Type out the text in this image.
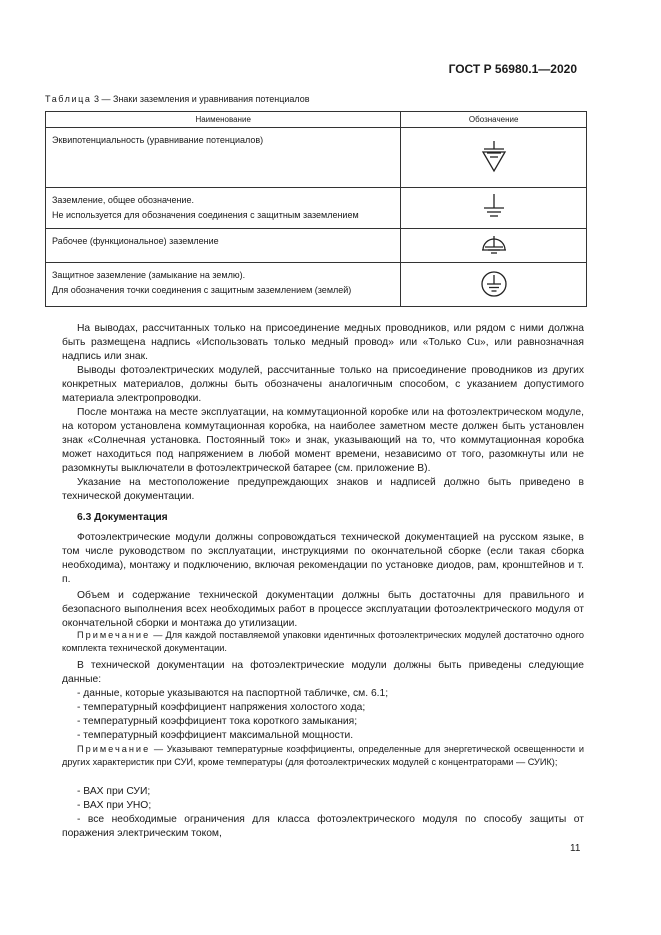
ГОСТ Р 56980.1—2020
Таблица 3 — Знаки заземления и уравнивания потенциалов
Наименование	Обозначение

Эквипотенциальность (уравнивание потенциалов)

Заземление, общее обозначение.
Не используется для обозначения соединения с защитным заземлением

Рабочее (функциональное) заземление

Защитное заземление (замыкание на землю).
Для обозначения точки соединения с защитным заземлением (землей)

На выводах, рассчитанных только на присоединение медных проводников, или рядом с ними должна быть размещена надпись «Использовать только медный провод» или «Только Cu», или равнозначная надпись или знак.

Выводы фотоэлектрических модулей, рассчитанные только на присоединение проводников из других конкретных материалов, должны быть обозначены аналогичным способом, с указанием допустимого материала электропроводки.

После монтажа на месте эксплуатации, на коммутационной коробке или на фотоэлектрическом модуле, на котором установлена коммутационная коробка, на наиболее заметном месте должен быть установлен знак «Солнечная установка. Постоянный ток» и знак, указывающий на то, что коммутационная коробка может находиться под напряжением в любой момент времени, независимо от того, разомкнуты или не разомкнуты выключатели в фотоэлектрической батарее (см. приложение В).

Указание на местоположение предупреждающих знаков и надписей должно быть приведено в технической документации.

6.3 Документация

Фотоэлектрические модули должны сопровождаться технической документацией на русском языке, в том числе руководством по эксплуатации, инструкциями по окончательной сборке (если такая сборка необходима), монтажу и подключению, включая рекомендации по установке диодов, рам, кронштейнов и т. п.

Объем и содержание технической документации должны быть достаточны для правильного и безопасного выполнения всех необходимых работ в процессе эксплуатации фотоэлектрического модуля от окончательной сборки и монтажа до утилизации.

Примечание — Для каждой поставляемой упаковки идентичных фотоэлектрических модулей достаточно одного комплекта технической документации.

В технической документации на фотоэлектрические модули должны быть приведены следующие данные:

- данные, которые указываются на паспортной табличке, см. 6.1;
- температурный коэффициент напряжения холостого хода;
- температурный коэффициент тока короткого замыкания;
- температурный коэффициент максимальной мощности.

Примечание — Указывают температурные коэффициенты, определенные для энергетической освещенности и других характеристик при СУИ, кроме температуры (для фотоэлектрических модулей с концентраторами — СУИК);

- ВАХ при СУИ;
- ВАХ при УНО;
- все необходимые ограничения для класса фотоэлектрического модуля по способу защиты от поражения электрическим током,
11
